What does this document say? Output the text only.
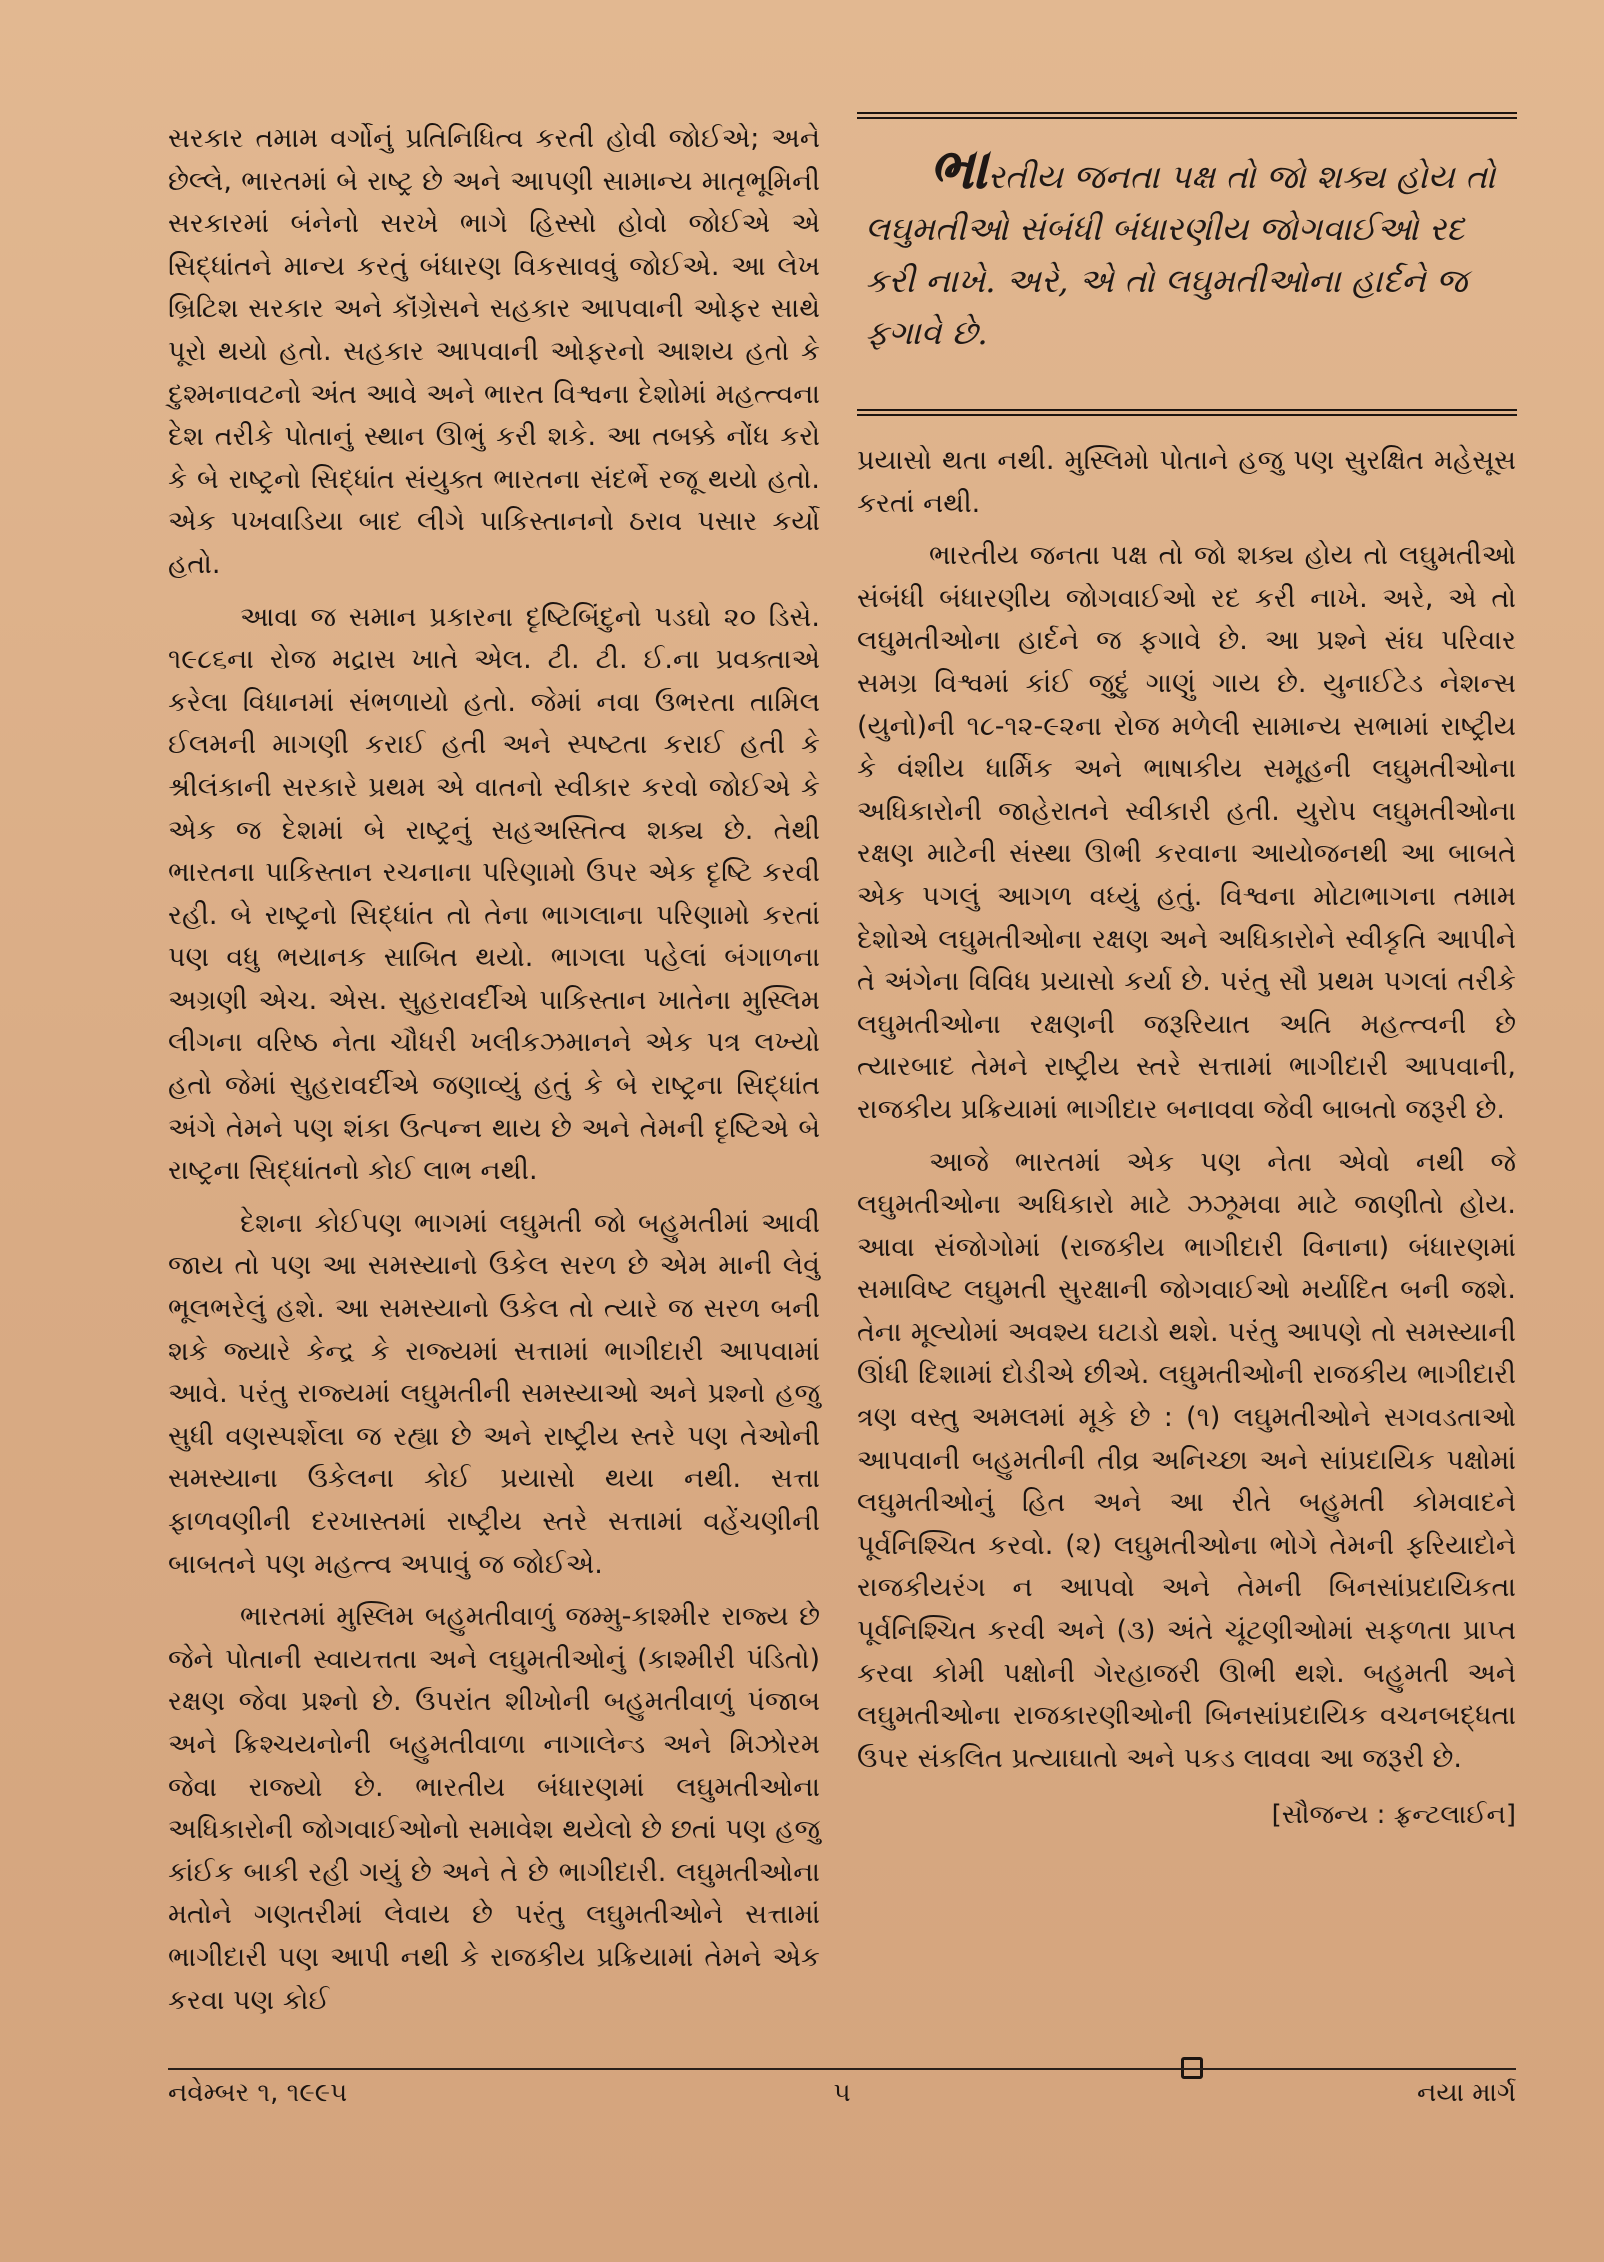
સરકાર તમામ વર્ગોનું પ્રતિનિધિત્વ કરતી હોવી જોઈએ; અને છેલ્લે, ભારતમાં બે રાષ્ટ્ર છે અને આપણી સામાન્ય માતૃભૂમિની સરકારમાં બંનેનો સરખે ભાગે હિસ્સો હોવો જોઈએ એ સિદ્ધાંતને માન્ય કરતું બંધારણ વિકસાવવું જોઈએ. આ લેખ બ્રિટિશ સરકાર અને કૉંગ્રેસને સહકાર આપવાની ઓફર સાથે પૂરો થયો હતો. સહકાર આપવાની ઓફરનો આશય હતો કે દુશ્મનાવટનો અંત આવે અને ભારત વિશ્વના દેશોમાં મહત્ત્વના દેશ તરીકે પોતાનું સ્થાન ઊભું કરી શકે. આ તબક્કે નોંધ કરો કે બે રાષ્ટ્રનો સિદ્ધાંત સંયુક્ત ભારતના સંદર્ભે રજૂ થયો હતો. એક પખવાડિયા બાદ લીગે પાકિસ્તાનનો ઠરાવ પસાર કર્યો હતો.

આવા જ સમાન પ્રકારના દૃષ્ટિબિંદુનો પડઘો ૨૦ ડિસે. ૧૯૮૬ના રોજ મદ્રાસ ખાતે એલ. ટી. ટી. ઈ.ના પ્રવક્તાએ કરેલા વિધાનમાં સંભળાયો હતો. જેમાં નવા ઉભરતા તામિલ ઈલમની માગણી કરાઈ હતી અને સ્પષ્ટતા કરાઈ હતી કે શ્રીલંકાની સરકારે પ્રથમ એ વાતનો સ્વીકાર કરવો જોઈએ કે એક જ દેશમાં બે રાષ્ટ્રનું સહઅસ્તિત્વ શક્ય છે. તેથી ભારતના પાકિસ્તાન રચનાના પરિણામો ઉપર એક દૃષ્ટિ કરવી રહી. બે રાષ્ટ્રનો સિદ્ધાંત તો તેના ભાગલાના પરિણામો કરતાં પણ વધુ ભયાનક સાબિત થયો. ભાગલા પહેલાં બંગાળના અગ્રણી એચ. એસ. સુહરાવર્દીએ પાકિસ્તાન ખાતેના મુસ્લિમ લીગના વરિષ્ઠ નેતા ચૌધરી ખલીકઝમાનને એક પત્ર લખ્યો હતો જેમાં સુહરાવર્દીએ જણાવ્યું હતું કે બે રાષ્ટ્રના સિદ્ધાંત અંગે તેમને પણ શંકા ઉત્પન્ન થાય છે અને તેમની દૃષ્ટિએ બે રાષ્ટ્રના સિદ્ધાંતનો કોઈ લાભ નથી.

દેશના કોઈપણ ભાગમાં લઘુમતી જો બહુમતીમાં આવી જાય તો પણ આ સમસ્યાનો ઉકેલ સરળ છે એમ માની લેવું ભૂલભરેલું હશે. આ સમસ્યાનો ઉકેલ તો ત્યારે જ સરળ બની શકે જ્યારે કેન્દ્ર કે રાજ્યમાં સત્તામાં ભાગીદારી આપવામાં આવે. પરંતુ રાજ્યમાં લઘુમતીની સમસ્યાઓ અને પ્રશ્નો હજુ સુધી વણસ્પર્શેલા જ રહ્યા છે અને રાષ્ટ્રીય સ્તરે પણ તેઓની સમસ્યાના ઉકેલના કોઈ પ્રયાસો થયા નથી. સત્તા ફાળવણીની દરખાસ્તમાં રાષ્ટ્રીય સ્તરે સત્તામાં વહેંચણીની બાબતને પણ મહત્ત્વ અપાવું જ જોઈએ.

ભારતમાં મુસ્લિમ બહુમતીવાળું જમ્મુ-કાશ્મીર રાજ્ય છે જેને પોતાની સ્વાયત્તતા અને લઘુમતીઓનું (કાશ્મીરી પંડિતો) રક્ષણ જેવા પ્રશ્નો છે. ઉપરાંત શીખોની બહુમતીવાળું પંજાબ અને ક્રિશ્ચયનોની બહુમતીવાળા નાગાલેન્ડ અને મિઝોરમ જેવા રાજ્યો છે. ભારતીય બંધારણમાં લઘુમતીઓના અધિકારોની જોગવાઈઓનો સમાવેશ થયેલો છે છતાં પણ હજુ કાંઈક બાકી રહી ગયું છે અને તે છે ભાગીદારી. લઘુમતીઓના મતોને ગણતરીમાં લેવાય છે પરંતુ લઘુમતીઓને સત્તામાં ભાગીદારી પણ આપી નથી કે રાજકીય પ્રક્રિયામાં તેમને એક કરવા પણ કોઈ

ભારતીય જનતા પક્ષ તો જો શક્ય હોય તો લઘુમતીઓ સંબંધી બંધારણીય જોગવાઈઓ રદ કરી નાખે. અરે, એ તો લઘુમતીઓના હાર્દને જ ફગાવે છે.

પ્રયાસો થતા નથી. મુસ્લિમો પોતાને હજુ પણ સુરક્ષિત મહેસૂસ કરતાં નથી.

ભારતીય જનતા પક્ષ તો જો શક્ય હોય તો લઘુમતીઓ સંબંધી બંધારણીય જોગવાઈઓ રદ કરી નાખે. અરે, એ તો લઘુમતીઓના હાર્દને જ ફગાવે છે. આ પ્રશ્ને સંઘ પરિવાર સમગ્ર વિશ્વમાં કાંઈ જુદું ગાણું ગાય છે. યુનાઈટેડ નેશન્સ (યુનો)ની ૧૮-૧૨-૯૨ના રોજ મળેલી સામાન્ય સભામાં રાષ્ટ્રીય કે વંશીય ધાર્મિક અને ભાષાકીય સમૂહની લઘુમતીઓના અધિકારોની જાહેરાતને સ્વીકારી હતી. યુરોપ લઘુમતીઓના રક્ષણ માટેની સંસ્થા ઊભી કરવાના આયોજનથી આ બાબતે એક પગલું આગળ વધ્યું હતું. વિશ્વના મોટાભાગના તમામ દેશોએ લઘુમતીઓના રક્ષણ અને અધિકારોને સ્વીકૃતિ આપીને તે અંગેના વિવિધ પ્રયાસો કર્યા છે. પરંતુ સૌ પ્રથમ પગલાં તરીકે લઘુમતીઓના રક્ષણની જરૂરિયાત અતિ મહત્ત્વની છે ત્યારબાદ તેમને રાષ્ટ્રીય સ્તરે સત્તામાં ભાગીદારી આપવાની, રાજકીય પ્રક્રિયામાં ભાગીદાર બનાવવા જેવી બાબતો જરૂરી છે.

આજે ભારતમાં એક પણ નેતા એવો નથી જે લઘુમતીઓના અધિકારો માટે ઝઝૂમવા માટે જાણીતો હોય. આવા સંજોગોમાં (રાજકીય ભાગીદારી વિનાના) બંધારણમાં સમાવિષ્ટ લઘુમતી સુરક્ષાની જોગવાઈઓ મર્યાદિત બની જશે. તેના મૂલ્યોમાં અવશ્ય ઘટાડો થશે. પરંતુ આપણે તો સમસ્યાની ઊંધી દિશામાં દોડીએ છીએ. લઘુમતીઓની રાજકીય ભાગીદારી ત્રણ વસ્તુ અમલમાં મૂકે છે : (૧) લઘુમતીઓને સગવડતાઓ આપવાની બહુમતીની તીવ્ર અનિચ્છા અને સાંપ્રદાયિક પક્ષોમાં લઘુમતીઓનું હિત અને આ રીતે બહુમતી કોમવાદને પૂર્વનિશ્ચિત કરવો. (૨) લઘુમતીઓના ભોગે તેમની ફરિયાદોને રાજકીયરંગ ન આપવો અને તેમની બિનસાંપ્રદાયિકતા પૂર્વનિશ્ચિત કરવી અને (૩) અંતે ચૂંટણીઓમાં સફળતા પ્રાપ્ત કરવા કોમી પક્ષોની ગેરહાજરી ઊભી થશે. બહુમતી અને લઘુમતીઓના રાજકારણીઓની બિનસાંપ્રદાયિક વચનબદ્ધતા ઉપર સંકલિત પ્રત્યાઘાતો અને પકડ લાવવા આ જરૂરી છે.

[સૌજન્ય : ફ્રન્ટલાઈન]
નવેમ્બર ૧, ૧૯૯૫	૫	નયા માર્ગ
